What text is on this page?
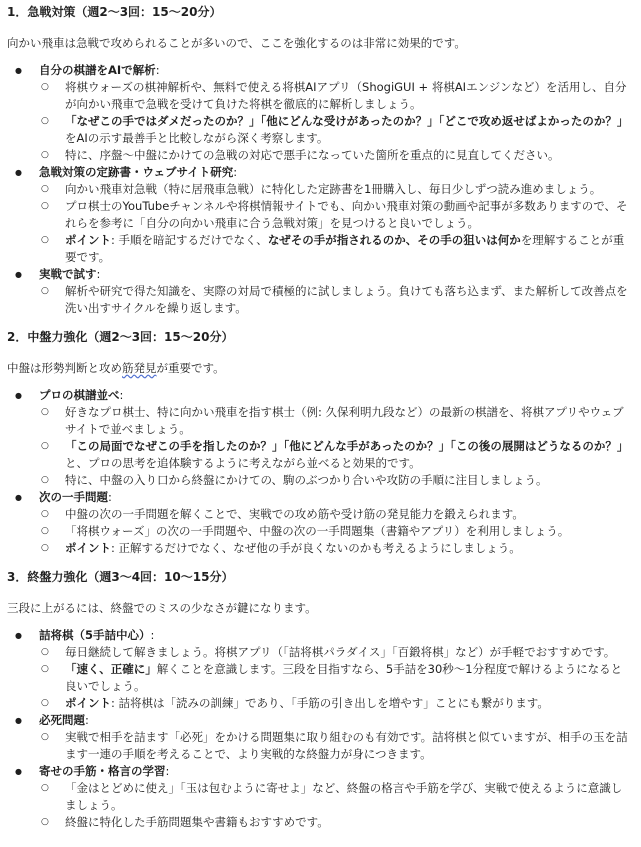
1．急戦対策（週2〜3回：15〜20分）

向かい飛車は急戦で攻められることが多いので、ここを強化するのは非常に効果的です。

● 自分の棋譜をAIで解析:
○ 将棋ウォーズの棋神解析や、無料で使える将棋AIアプリ（ShogiGUI + 将棋AIエンジンなど）を活用し、自分が向かい飛車で急戦を受けて負けた将棋を徹底的に解析しましょう。
○ 「なぜこの手ではダメだったのか？」「他にどんな受けがあったのか？」「どこで攻め返せばよかったのか？」をAIの示す最善手と比較しながら深く考察します。
○ 特に、序盤〜中盤にかけての急戦の対応で悪手になっていた箇所を重点的に見直してください。
● 急戦対策の定跡書・ウェブサイト研究:
○ 向かい飛車対急戦（特に居飛車急戦）に特化した定跡書を1冊購入し、毎日少しずつ読み進めましょう。
○ プロ棋士のYouTubeチャンネルや将棋情報サイトでも、向かい飛車対策の動画や記事が多数ありますので、それらを参考に「自分の向かい飛車に合う急戦対策」を見つけると良いでしょう。
○ ポイント: 手順を暗記するだけでなく、なぜその手が指されるのか、その手の狙いは何かを理解することが重要です。
● 実戦で試す:
○ 解析や研究で得た知識を、実際の対局で積極的に試しましょう。負けても落ち込まず、また解析して改善点を洗い出すサイクルを繰り返します。
2．中盤力強化（週2〜3回：15〜20分）

中盤は形勢判断と攻め筋発見が重要です。

● プロの棋譜並べ:
○ 好きなプロ棋士、特に向かい飛車を指す棋士（例: 久保利明九段など）の最新の棋譜を、将棋アプリやウェブサイトで並べましょう。
○ 「この局面でなぜこの手を指したのか？」「他にどんな手があったのか？」「この後の展開はどうなるのか？」と、プロの思考を追体験するように考えながら並べると効果的です。
○ 特に、中盤の入り口から終盤にかけての、駒のぶつかり合いや攻防の手順に注目しましょう。
● 次の一手問題:
○ 中盤の次の一手問題を解くことで、実戦での攻め筋や受け筋の発見能力を鍛えられます。
○ 「将棋ウォーズ」の次の一手問題や、中盤の次の一手問題集（書籍やアプリ）を利用しましょう。
○ ポイント: 正解するだけでなく、なぜ他の手が良くないのかも考えるようにしましょう。
3．終盤力強化（週3〜4回：10〜15分）

三段に上がるには、終盤でのミスの少なさが鍵になります。

● 詰将棋（5手詰中心）:
○ 毎日継続して解きましょう。将棋アプリ（「詰将棋パラダイス」「百鍛将棋」など）が手軽でおすすめです。
○ 「速く、正確に」解くことを意識します。三段を目指すなら、5手詰を30秒〜1分程度で解けるようになると良いでしょう。
○ ポイント: 詰将棋は「読みの訓練」であり、「手筋の引き出しを増やす」ことにも繋がります。
● 必死問題:
○ 実戦で相手を詰ます「必死」をかける問題集に取り組むのも有効です。詰将棋と似ていますが、相手の玉を詰ます一連の手順を考えることで、より実戦的な終盤力が身につきます。
● 寄せの手筋・格言の学習:
○ 「金はとどめに使え」「玉は包むように寄せよ」など、終盤の格言や手筋を学び、実戦で使えるように意識しましょう。
○ 終盤に特化した手筋問題集や書籍もおすすめです。
